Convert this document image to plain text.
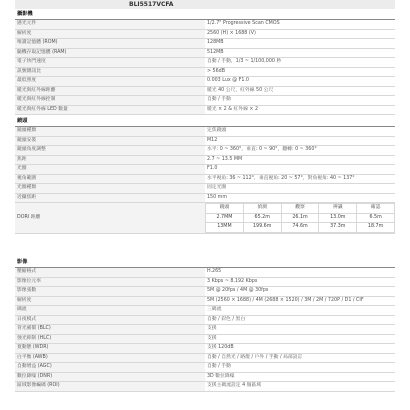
BLI5517VCFA
攝影機	
感光元件	1/2.7" Progressive Scan CMOS
解析度	2560 (H) × 1688 (V)
唯讀記憶體 (ROM)	128MB
隨機存取記憶體 (RAM)	512MB
電子快門速度	自動 / 手動，1/3 ~ 1/100,000 秒
訊號雜訊比	> 56dB
最低照度	0.003 Lux @ F1.0
暖光與紅外線距離	暖光 40 公尺，紅外線 50 公尺
暖光與紅外線控制	自動 / 手動
暖光與紅外線 LED 數量	暖光 × 2 & 紅外線 × 2
鏡頭
鏡頭種類	定焦鏡頭
鏡頭安裝	M12
鏡頭角度調整	水平: 0 ~ 360°，垂直: 0 ~ 90°，翻轉: 0 ~ 360°
焦距	2.7 ~ 13.5 MM
光圈	F1.0
視角範圍	水平視角: 36 ~ 112°，垂直視角: 20 ~ 57°，對角視角: 40 ~ 137°
光圈種類	固定光圈
近攝焦距	150 mm
DORI 距離	
鏡頭	偵測	觀察	辨識	確認
2.7MM	65.2m	26.1m	13.0m	6.5m
13MM	199.6m	74.6m	37.3m	18.7m
影像	
壓縮格式	H.265
影像位元率	3 Kbps ~ 8,192 Kbps
影像張數	5M @ 20fps / 4M @ 30fps
解析度	5M (2560 × 1688) / 4M (2688 × 1520) / 3M / 2M / 720P / D1 / CIF
碼流	三碼流
日夜模式	自動 / 彩色 / 黑白
背光補償 (BLC)	支援
強光抑制 (HLC)	支援
寬動態 (WDR)	支援 120dB
白平衡 (AWB)	自動 / 自然光 / 路燈 / 戶外 / 手動 / 局部設訂
自動增益 (AGC)	自動 / 手動
數位降噪 (DNR)	3D 數位降噪
區域影像編碼 (ROI)	支援主碼流設定 4 個區域
